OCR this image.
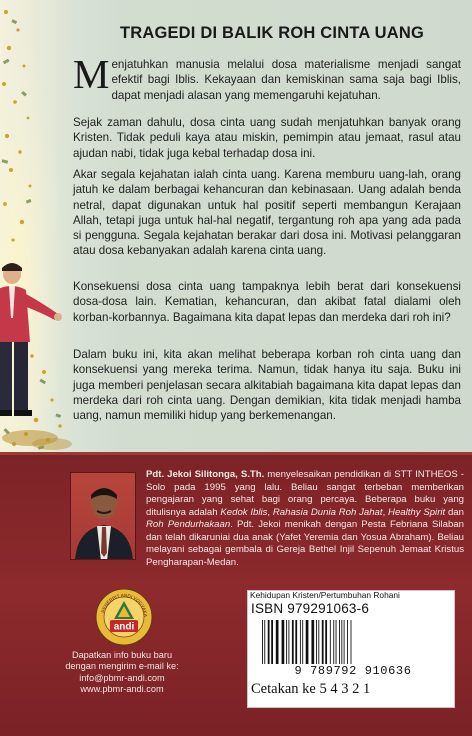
TRAGEDI DI BALIK ROH CINTA UANG

Menjatuhkan manusia melalui dosa materialisme menjadi sangat efektif bagi Iblis. Kekayaan dan kemiskinan sama saja bagi Iblis, dapat menjadi alasan yang memengaruhi kejatuhan.

Sejak zaman dahulu, dosa cinta uang sudah menjatuhkan banyak orang Kristen. Tidak peduli kaya atau miskin, pemimpin atau jemaat, rasul atau ajudan nabi, tidak juga kebal terhadap dosa ini.

Akar segala kejahatan ialah cinta uang. Karena memburu uang-lah, orang jatuh ke dalam berbagai kehancuran dan kebinasaan. Uang adalah benda netral, dapat digunakan untuk hal positif seperti membangun Kerajaan Allah, tetapi juga untuk hal-hal negatif, tergantung roh apa yang ada pada si pengguna. Segala kejahatan berakar dari dosa ini. Motivasi pelanggaran atau dosa kebanyakan adalah karena cinta uang.

Konsekuensi dosa cinta uang tampaknya lebih berat dari konsekuensi dosa-dosa lain. Kematian, kehancuran, dan akibat fatal dialami oleh korban-korbannya. Bagaimana kita dapat lepas dan merdeka dari roh ini?

Dalam buku ini, kita akan melihat beberapa korban roh cinta uang dan konsekuensi yang mereka terima. Namun, tidak hanya itu saja. Buku ini juga memberi penjelasan secara alkitabiah bagaimana kita dapat lepas dan merdeka dari roh cinta uang. Dengan demikian, kita tidak menjadi hamba uang, namun memiliki hidup yang berkemenangan.

Pdt. Jekoi Silitonga, S.Th. menyelesaikan pendidikan di STT INTHEOS - Solo pada 1995 yang lalu. Beliau sangat terbeban memberikan pengajaran yang sehat bagi orang percaya. Beberapa buku yang ditulisnya adalah Kedok Iblis, Rahasia Dunia Roh Jahat, Healthy Spirit dan Roh Pendurhakaan. Pdt. Jekoi menikah dengan Pesta Febriana Silaban dan telah dikaruniai dua anak (Yafet Yeremia dan Yosua Abraham). Beliau melayani sebagai gembala di Gereja Bethel Injil Sepenuh Jemaat Kristus Pengharapan-Medan.

PENERBIT ANDI YOGYAKA
andi
Dapatkan info buku baru
dengan mengirim e-mail ke:
info@pbmr-andi.com
www.pbmr-andi.com
Kehidupan Kristen/Pertumbuhan Rohani
ISBN 979291063-6
9 789792 910636
Cetakan ke 5 4 3 2 1
